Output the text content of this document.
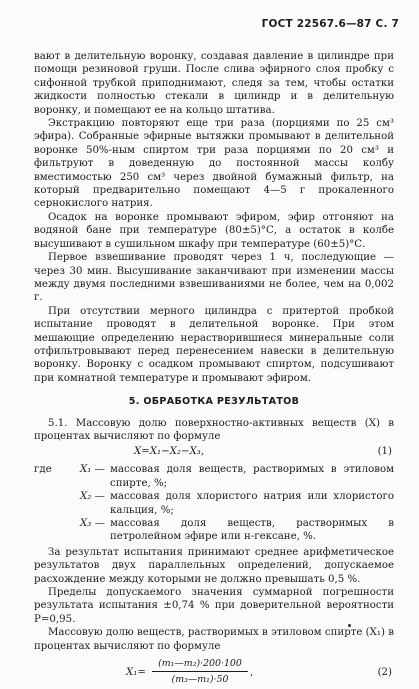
ГОСТ 22567.6—87 С. 7

вают в делительную воронку, создавая давление в цилиндре при помощи резиновой груши. После слива эфирного слоя пробку с сифонной трубкой приподнимают, следя за тем, чтобы остатки жидкости полностью стекали в цилиндр и в делительную воронку, и помещают ее на кольцо штатива.

Экстракцию повторяют еще три раза (порциями по 25 см³ эфира). Собранные эфирные вытяжки промывают в делительной воронке 50%-ным спиртом три раза порциями по 20 см³ и фильтруют в доведенную до постоянной массы колбу вместимостью 250 см³ через двойной бумажный фильтр, на который предварительно помещают 4—5 г прокаленного сернокислого натрия.

Осадок на воронке промывают эфиром, эфир отгоняют на водяной бане при температуре (80±5)°С, а остаток в колбе высушивают в сушильном шкафу при температуре (60±5)°С.

Первое взвешивание проводят через 1 ч, последующие — через 30 мин. Высушивание заканчивают при изменении массы между двумя последними взвешиваниями не более, чем на 0,002 г.

При отсутствии мерного цилиндра с притертой пробкой испытание проводят в делительной воронке. При этом мешающие определению нерастворившиеся минеральные соли отфильтровывают перед перенесением навески в делительную воронку. Воронку с осадком промывают спиртом, подсушивают при комнатной температуре и промывают эфиром.

5. ОБРАБОТКА РЕЗУЛЬТАТОВ

5.1. Массовую долю поверхностно-активных веществ (X) в процентах вычисляют по формуле

X=X₁−X₂−X₃,	(1)
где	X₁ — массовая доля веществ, растворимых в этиловом спирте, %;
X₂ — массовая доля хлористого натрия или хлористого кальция, %;
X₃ — массовая доля веществ, растворимых в петролейном эфире или н-гексане, %.

За результат испытания принимают среднее арифметическое результатов двух параллельных определений, допускаемое расхождение между которыми не должно превышать 0,5 %.

Пределы допускаемого значения суммарной погрешности результата испытания ±0,74 % при доверительной вероятности P=0,95.

Массовую долю веществ, растворимых в этиловом спирте (X₁) в процентах вычисляют по формуле

$X_1= \frac{\text{(m₁—m₂)·200·100}}{\text{(m₃—m₁)·50}}$	(2)
,
